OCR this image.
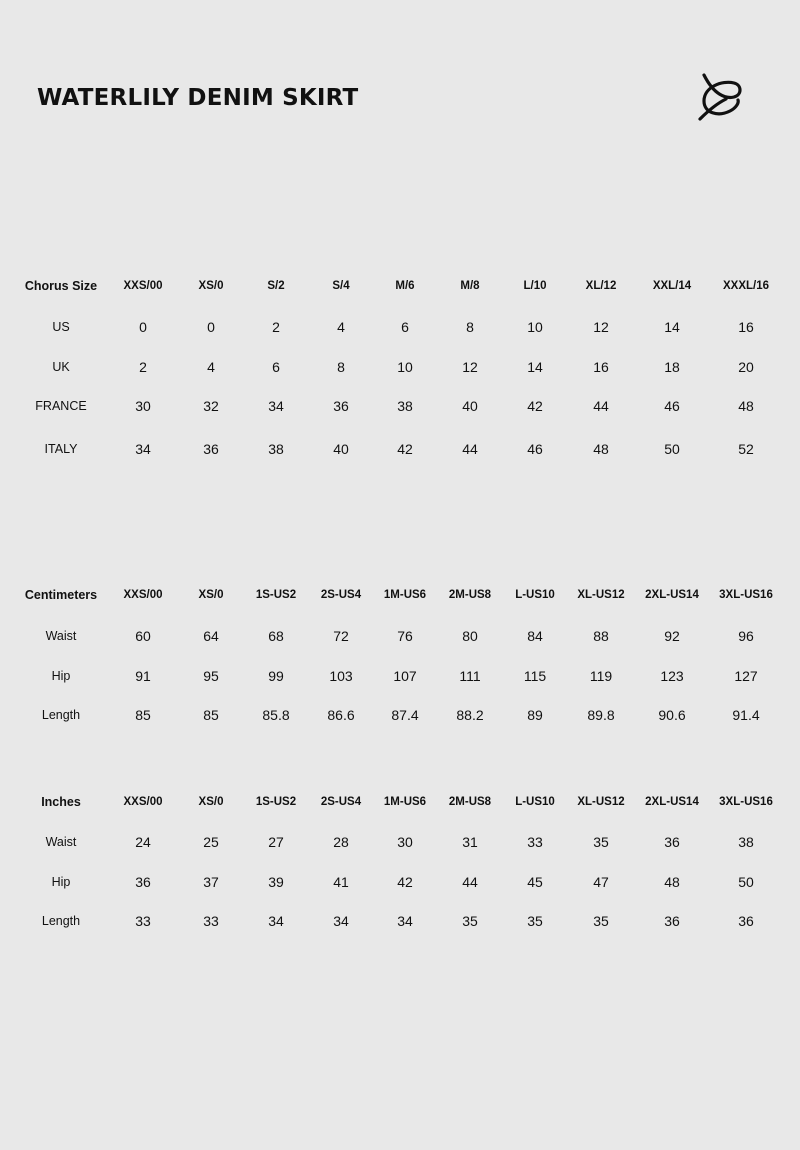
WATERLILY DENIM SKIRT
Chorus Size	XXS/00	XS/0	S/2	S/4	M/6	M/8	L/10	XL/12	XXL/14	XXXL/16
US	0	0	2	4	6	8	10	12	14	16
UK	2	4	6	8	10	12	14	16	18	20
FRANCE	30	32	34	36	38	40	42	44	46	48
ITALY	34	36	38	40	42	44	46	48	50	52
Centimeters	XXS/00	XS/0	1S-US2	2S-US4	1M-US6	2M-US8	L-US10	XL-US12	2XL-US14	3XL-US16
Waist	60	64	68	72	76	80	84	88	92	96
Hip	91	95	99	103	107	111	115	119	123	127
Length	85	85	85.8	86.6	87.4	88.2	89	89.8	90.6	91.4
Inches	XXS/00	XS/0	1S-US2	2S-US4	1M-US6	2M-US8	L-US10	XL-US12	2XL-US14	3XL-US16
Waist	24	25	27	28	30	31	33	35	36	38
Hip	36	37	39	41	42	44	45	47	48	50
Length	33	33	34	34	34	35	35	35	36	36
